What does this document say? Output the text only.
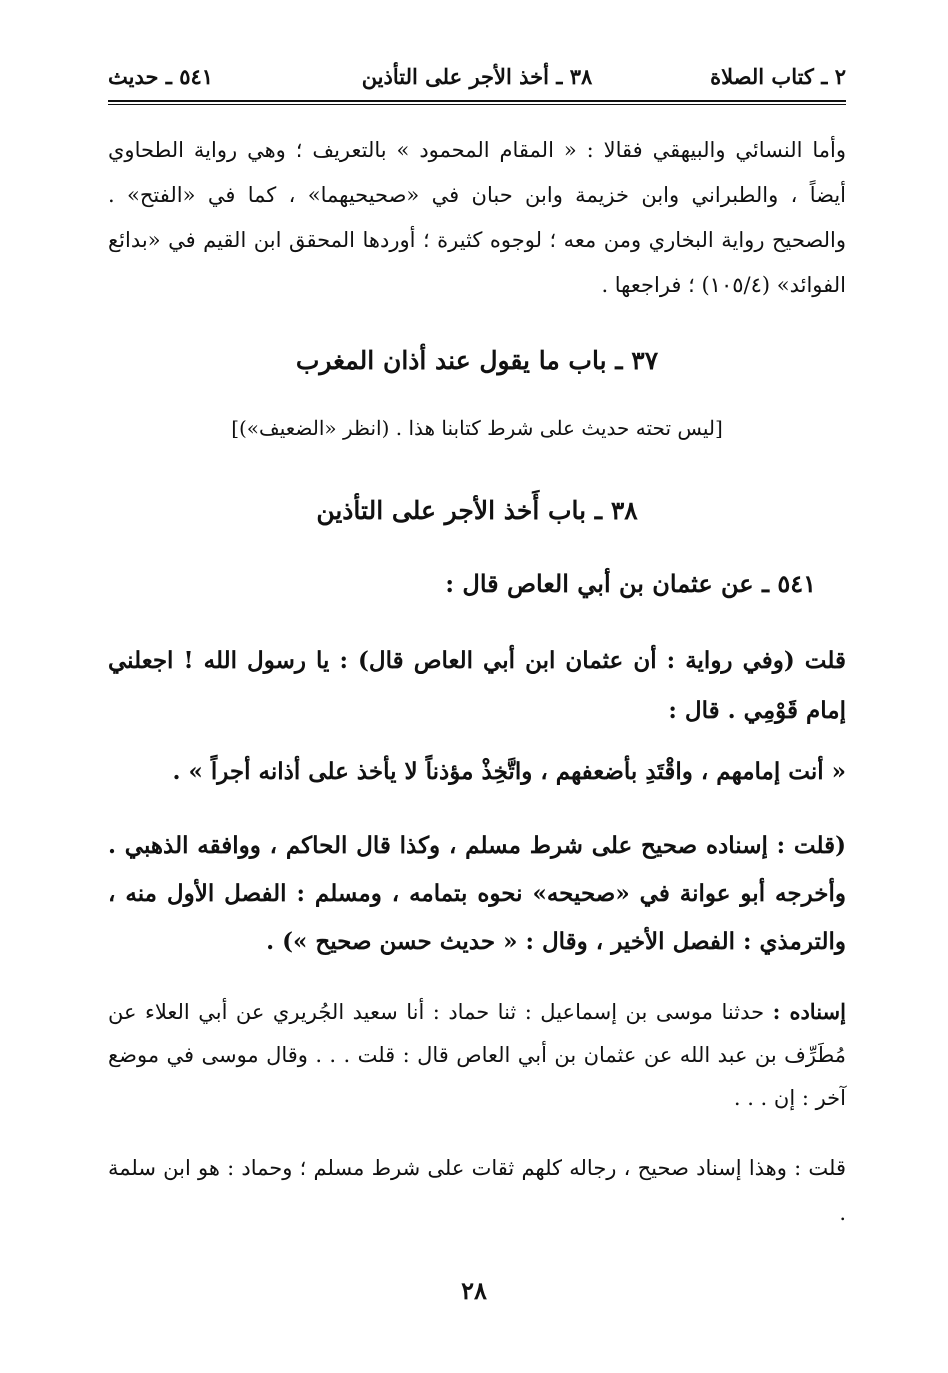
٣٨ ـ أخذ الأجر على التأذين	٢ ـ كتاب الصلاة
٥٤١ ـ حديث
وأما النسائي والبيهقي فقالا : « المقام المحمود » بالتعريف ؛ وهي رواية الطحاوي أيضاً ، والطبراني وابن خزيمة وابن حبان في «صحيحيهما» ، كما في «الفتح» . والصحيح رواية البخاري ومن معه ؛ لوجوه كثيرة ؛ أوردها المحقق ابن القيم في «بدائع الفوائد» (١٠٥/٤) ؛ فراجعها .
٣٧ ـ باب ما يقول عند أذان المغرب
[ليس تحته حديث على شرط كتابنا هذا . (انظر «الضعيف»)]
٣٨ ـ باب أَخذ الأجر على التأذين
٥٤١ ـ عن عثمان بن أبي العاص قال :
قلت (وفي رواية : أن عثمان ابن أبي العاص قال) : يا رسول الله ! اجعلني إمام قَوْمِي . قال :
« أنت إمامهم ، واقْتَدِ بأضعفهم ، واتَّخِذْ مؤذناً لا يأخذ على أذانه أجراً » .
(قلت : إسناده صحيح على شرط مسلم ، وكذا قال الحاكم ، ووافقه الذهبي . وأخرجه أبو عوانة في «صحيحه» نحوه بتمامه ، ومسلم : الفصل الأول منه ، والترمذي : الفصل الأخير ، وقال : « حديث حسن صحيح ») .
إسناده : حدثنا موسى بن إسماعيل : ثنا حماد : أنا سعيد الجُريري عن أبي العلاء عن مُطَرِّف بن عبد الله عن عثمان بن أبي العاص قال : قلت . . . وقال موسى في موضع آخر : إن . . .
قلت : وهذا إسناد صحيح ، رجاله كلهم ثقات على شرط مسلم ؛ وحماد : هو ابن سلمة .
٢٨
